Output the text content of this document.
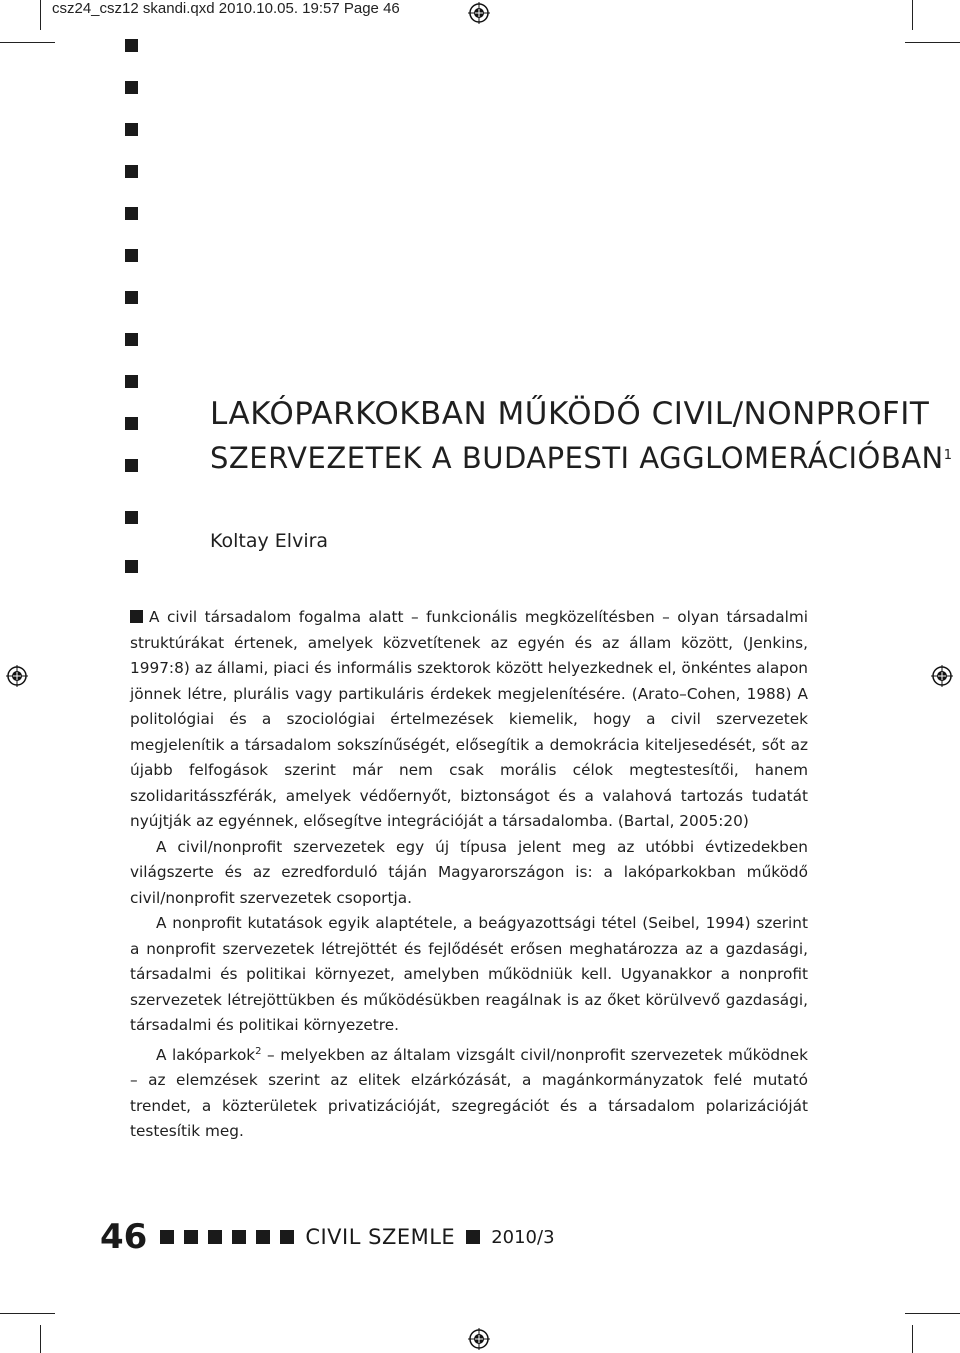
csz24_csz12 skandi.qxd 2010.10.05. 19:57 Page 46
LAKÓPARKOKBAN MŰKÖDŐ CIVIL/NONPROFIT
SZERVEZETEK A BUDAPESTI AGGLOMERÁCIÓBAN$^1$
Koltay Elvira

A civil társadalom fogalma alatt – funkcionális megközelítésben – olyan társadalmi struktúrákat értenek, amelyek közvetítenek az egyén és az állam között, (Jenkins, 1997:8) az állami, piaci és informális szektorok között helyezkednek el, önkéntes alapon jönnek létre, plurális vagy partikuláris érdekek megjelenítésére. (Arato–Cohen, 1988) A politológiai és a szociológiai értelmezések kiemelik, hogy a civil szervezetek megjelenítik a társadalom sokszínűségét, elősegítik a demokrácia kiteljesedését, sőt az újabb felfogások szerint már nem csak morális célok megtestesítői, hanem szolidaritásszférák, amelyek védőernyőt, biztonságot és a valahová tartozás tudatát nyújtják az egyénnek, elősegítve integrációját a társadalomba. (Bartal, 2005:20)

A civil/nonprofit szervezetek egy új típusa jelent meg az utóbbi évtizedekben világszerte és az ezredforduló táján Magyarországon is: a lakóparkokban működő civil/nonprofit szervezetek csoportja.

A nonprofit kutatások egyik alaptétele, a beágyazottsági tétel (Seibel, 1994) szerint a nonprofit szervezetek létrejöttét és fejlődését erősen meghatározza az a gazdasági, társadalmi és politikai környezet, amelyben működniük kell. Ugyanakkor a nonprofit szervezetek létrejöttükben és működésükben reagálnak is az őket körülvevő gazdasági, társadalmi és politikai környezetre.

A lakóparkok$^2$ – melyekben az általam vizsgált civil/nonprofit szervezetek működnek – az elemzések szerint az elitek elzárkózását, a magánkormányzatok felé mutató trendet, a közterületek privatizációját, szegregációt és a társadalom polarizációját testesítik meg.

46	CIVIL SZEMLE 2010/3
